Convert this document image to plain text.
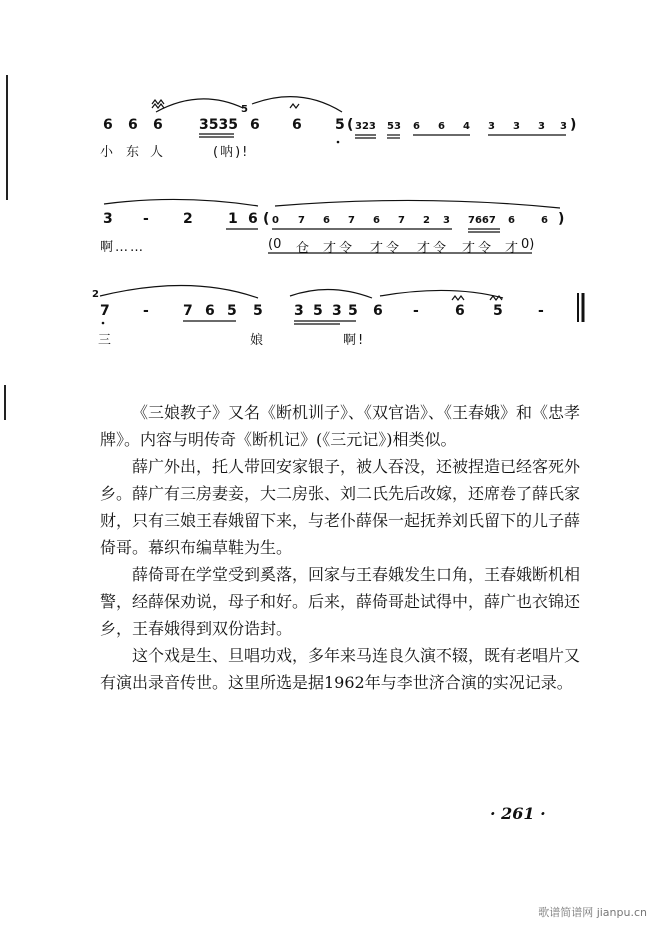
6 6 6	3535
5
6 6 5 ( 323 53 6 6 4 3 3 3 3 )
小 东 人	(呐)!
3 - 2	1 6 ( 0 7 6 7 6 7 2 3 7667 6	6 )
啊……	(0 仓 才 令 才 令 才 令 才 令 才 0)
2
7 - 7 6 5 5 3 5 3 5 6 -	6 5	-
三	娘	啊!
《三娘教子》又名《断机训子》、《双官诰》、《王春娥》和《忠孝牌》。内容与明传奇《断机记》(《三元记》)相类似。
薛广外出，托人带回安家银子，被人吞没，还被捏造已经客死外乡。薛广有三房妻妾，大二房张、刘二氏先后改嫁，还席卷了薛氏家财，只有三娘王春娥留下来，与老仆薛保一起抚养刘氏留下的儿子薛倚哥。幕织布编草鞋为生。
薛倚哥在学堂受到奚落，回家与王春娥发生口角，王春娥断机相警，经薛保劝说，母子和好。后来，薛倚哥赴试得中，薛广也衣锦还乡，王春娥得到双份诰封。
这个戏是生、旦唱功戏，多年来马连良久演不辍，既有老唱片又有演出录音传世。这里所选是据1962年与李世济合演的实况记录。
· 261 ·
歌谱简谱网 jianpu.cn
